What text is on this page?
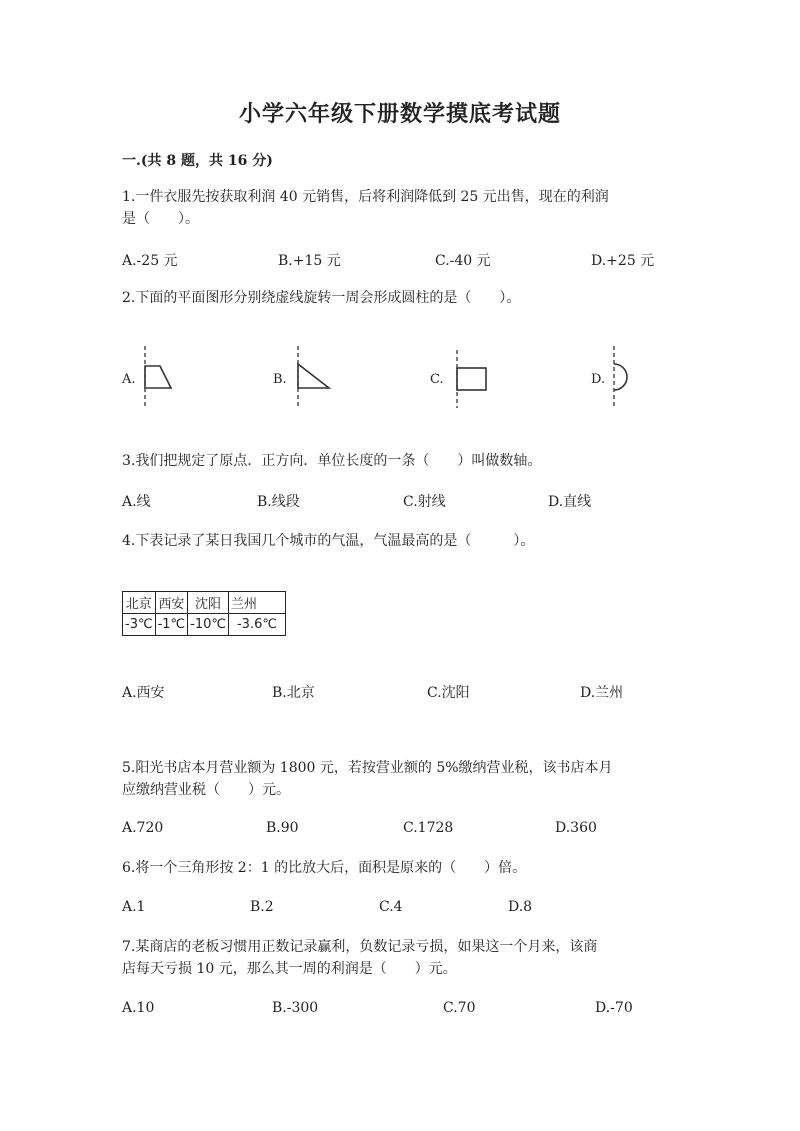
小学六年级下册数学摸底考试题
一.(共 8 题，共 16 分)
1.一件衣服先按获取利润 40 元销售，后将利润降低到 25 元出售，现在的利润
是（　　）。
A.-25 元	B.+15 元	C.-40 元	D.+25 元
2.下面的平面图形分别绕虚线旋转一周会形成圆柱的是（　　）。
A.	B.	C.	D.
3.我们把规定了原点．正方向．单位长度的一条（　　）叫做数轴。
A.线	B.线段	C.射线	D.直线
4.下表记录了某日我国几个城市的气温，气温最高的是（　　　）。
北京	西安	沈阳	兰州
-3℃	-1℃	-10℃	-3.6℃
A.西安	B.北京	C.沈阳	D.兰州
5.阳光书店本月营业额为 1800 元，若按营业额的 5%缴纳营业税，该书店本月
应缴纳营业税（　　）元。
A.720	B.90	C.1728	D.360
6.将一个三角形按 2：1 的比放大后，面积是原来的（　　）倍。
A.1	B.2	C.4	D.8
7.某商店的老板习惯用正数记录赢利，负数记录亏损，如果这一个月来，该商
店每天亏损 10 元，那么其一周的利润是（　　）元。
A.10	B.-300	C.70	D.-70
